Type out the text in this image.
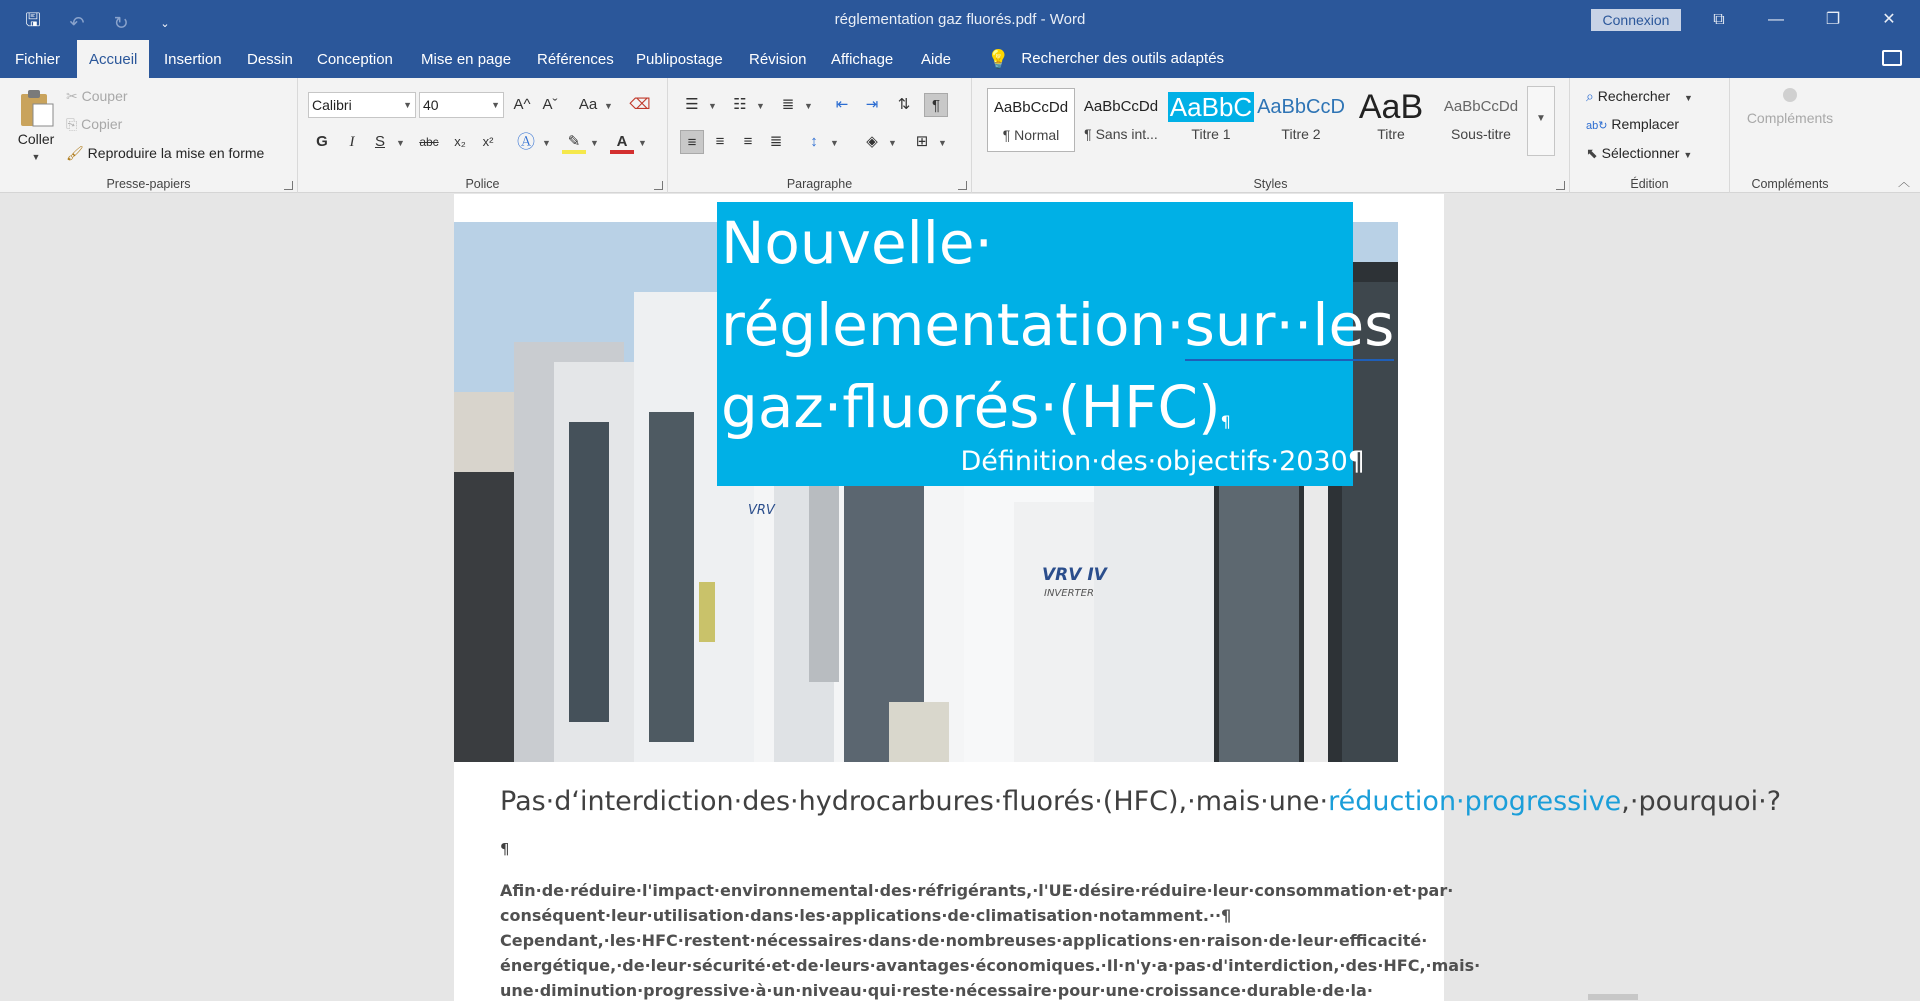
🖫 ↶ ↻	⌄	réglementation gaz fluorés.pdf - Word	Connexion	⧉	—	❐	✕
Fichier	Accueil	Insertion	Dessin	Conception	Mise en page	Références	Publipostage	Révision	Affichage	Aide	💡 Rechercher des outils adaptés
Coller
▼
✂ Couper
⎘ Copier
🖌 Reproduire la mise en forme
Presse-papiers
Calibri	▼ 40	▼ A^ Aˇ	Aa ▼ ⌫
G	I	S	▼	abc	x₂	x²	Ⓐ ▼	✎	▼	A	▼
Police
☰	▼	☷	▼	≣	▼	⇤	⇥	⇅	¶
≡	≡	≡	≣	↕	▼	◈	▼	⊞	▼
Paragraphe	Styles
AaBbCcDd
¶ Normal
AaBbCcDd
¶ Sans int...
AaBbC
Titre 1
AaBbCcD
Titre 2
AaB
Titre
AaBbCcDd
Sous-titre
▼
⌕ Rechercher ▼
ab↻ Remplacer
⬉ Sélectionner ▼
Édition
Compléments
Compléments	︿
VRV
VRV IV
INVERTER
Nouvelle·
réglementation·sur··les·
gaz·fluorés·(HFC)¶
Définition·des·objectifs·2030¶
Pas·d‘interdiction·des·hydrocarbures·fluorés·(HFC),·mais·une·réduction·progressive,·pourquoi·?¶

Afin·de·réduire·l'impact·environnemental·des·réfrigérants,·l'UE·désire·réduire·leur·consommation·et·par·

conséquent·leur·utilisation·dans·les·applications·de·climatisation·notamment.··¶

Cependant,·les·HFC·restent·nécessaires·dans·de·nombreuses·applications·en·raison·de·leur·efficacité·

énergétique,·de·leur·sécurité·et·de·leurs·avantages·économiques.·Il·n'y·a·pas·d'interdiction,·des·HFC,·mais·

une·diminution·progressive·à·un·niveau·qui·reste·nécessaire·pour·une·croissance·durable·de·la·
